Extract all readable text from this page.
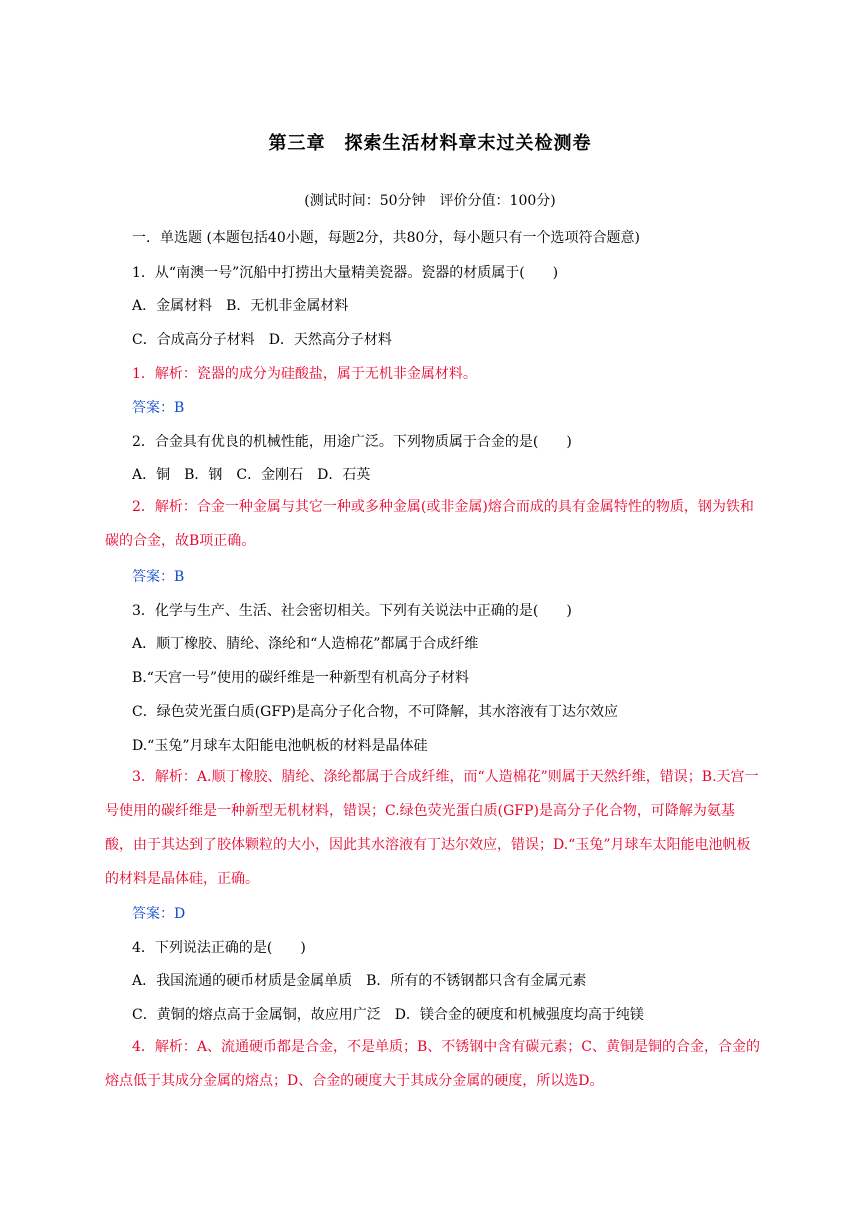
第三章　探索生活材料章末过关检测卷
(测试时间：50分钟　评价分值：100分)
一．单选题 (本题包括40小题，每题2分，共80分，每小题只有一个选项符合题意)
1．从“南澳一号”沉船中打捞出大量精美瓷器。瓷器的材质属于(　　)
A．金属材料　B．无机非金属材料
C．合成高分子材料　D．天然高分子材料
1．解析：瓷器的成分为硅酸盐，属于无机非金属材料。
答案：B
2．合金具有优良的机械性能，用途广泛。下列物质属于合金的是(　　)
A．铜　B．钢　C．金刚石　D．石英

2．解析：合金一种金属与其它一种或多种金属(或非金属)熔合而成的具有金属特性的物质，钢为铁和碳的合金，故B项正确。

答案：B
3．化学与生产、生活、社会密切相关。下列有关说法中正确的是(　　)
A．顺丁橡胶、腈纶、涤纶和“人造棉花”都属于合成纤维
B.“天宫一号”使用的碳纤维是一种新型有机高分子材料
C．绿色荧光蛋白质(GFP)是高分子化合物，不可降解，其水溶液有丁达尔效应
D.“玉兔”月球车太阳能电池帆板的材料是晶体硅

3．解析：A.顺丁橡胶、腈纶、涤纶都属于合成纤维，而“人造棉花”则属于天然纤维，错误；B.天宫一号使用的碳纤维是一种新型无机材料，错误；C.绿色荧光蛋白质(GFP)是高分子化合物，可降解为氨基酸，由于其达到了胶体颗粒的大小，因此其水溶液有丁达尔效应，错误；D.“玉兔”月球车太阳能电池帆板的材料是晶体硅，正确。

答案：D
4．下列说法正确的是(　　)
A．我国流通的硬币材质是金属单质　B．所有的不锈钢都只含有金属元素
C．黄铜的熔点高于金属铜，故应用广泛　D．镁合金的硬度和机械强度均高于纯镁

4．解析：A、流通硬币都是合金，不是单质；B、不锈钢中含有碳元素；C、黄铜是铜的合金，合金的熔点低于其成分金属的熔点；D、合金的硬度大于其成分金属的硬度，所以选D。
